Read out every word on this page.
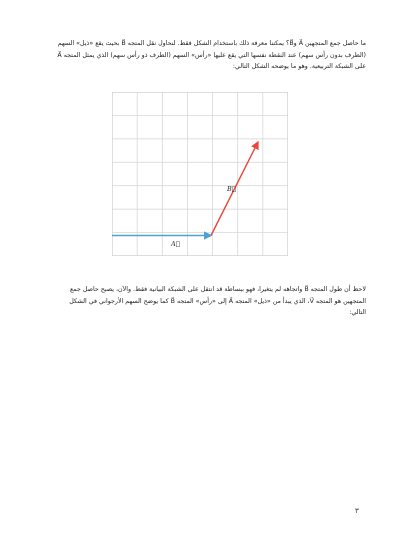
ما حاصل جمع المتجهين A⃗ وB⃗؟ يمكننا معرفة ذلك باستخدام الشكل فقط. لنحاول نقل المتجه B⃗ بحيث يقع «ذيل» السهم
(الطرف بدون رأس سهم) عند النقطة نفسها التي يقع عليها «رأس» السهم (الطرف ذو رأس سهم) الذي يمثل المتجه A⃗
على الشبكة التربيعية. وهو ما يوضحه الشكل التالي:
A⃗
B⃗
لاحظ أن طول المتجه B⃗ واتجاهه لم يتغيرا، فهو ببساطة قد انتقل على الشبكة البيانية فقط. والآن، يصبح حاصل جمع
المتجهين هو المتجه V⃗، الذي يبدأ من «ذيل» المتجه A⃗ إلى «رأس» المتجه B⃗ كما يوضح السهم الأرجواني في الشكل
التالي:
٣
